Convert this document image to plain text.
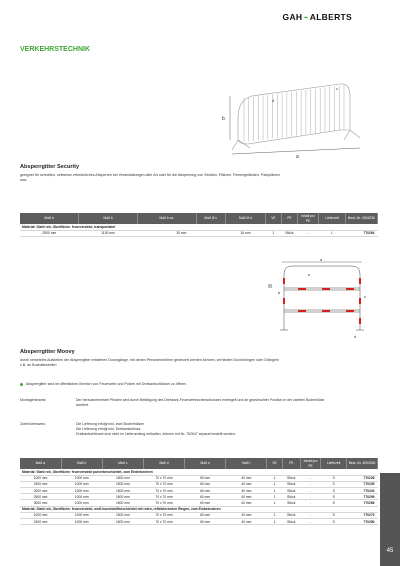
GAH⌁ALBERTS
VERKEHRSTECHNIK
a
b
c
d
Absperrgitter Security
geeignet für schnelles, zeitweise erforderliches Absperren bei Veranstaltungen aller Art oder für die Absperrung von Straßen, Plätzen, Firmengeländen, Parkplätzen usw.
Maß a	Maß b	Maß b ca.	Maß Ø c	Maß Ø d	VE	PE	Inhalt pro PE	Lieferzeit	Best.-Nr. 4004336
Material: Stahl roh, Oberfläche: feuerverzinkt, transportabel									
2500 mm	1100 mm	30 mm		16 mm	1	Stück	-	L	770264
a
b
c
d
e
Absperrgitter Moovy
durch versetztes Aufstellen der Absperrgitter entstehen Durchgänge, mit denen Personenströme gesteuert werden können, verhindert Durchdringen oder Drängeln z.B. an Bushaltestellen
Absperrgitter sind im öffentlichen Bereich von Feuerwehr und Polizei mit Dreikantschlüssel zu öffnen.
Montagehinweis:	Der herausnehmbare Pfosten wird durch Betätigung des Drehkant-Feuerwehrsicherschlosses entriegelt und an gewünschter Position in der zweiten Bodenhülse arretiert.
Zubehörhinweis:	Die Lieferung erfolgt inkl. zwei Bodenhülsen
Die Lieferung erfolgt inkl. Dreikantschloss
Dreikantschlüssel sind nicht im Lieferumfang enthalten, können mit Nr. 752647 separat bestellt werden.
Maß a	Maß b	Maß c	Maß d	Maß e	Maß f	VE	PE	Inhalt pro PE	Lieferzeit	Best.-Nr. 4004336
Material: Stahl roh, Oberfläche: feuerverzinkt pulverbeschichtet, zum Einbetonieren										
1000 mm	1000 mm	1500 mm	70 x 70 mm	60 mm	40 mm	1	Stück	-	S	770228
1500 mm	1000 mm	1500 mm	70 x 70 mm	60 mm	40 mm	1	Stück	-	S	770235
2000 mm	1000 mm	1500 mm	70 x 70 mm	60 mm	40 mm	1	Stück	-	S	770242
2500 mm	1000 mm	1500 mm	70 x 70 mm	60 mm	40 mm	1	Stück	-	S	770259
3000 mm	1000 mm	1500 mm	70 x 70 mm	60 mm	40 mm	1	Stück	-	S	770266
Material: Stahl roh, Oberfläche: feuerverzinkt, weiß kunststoffbeschichtet mit roten, reflektierenden Ringen, zum Einbetonieren										
1000 mm	1000 mm	1500 mm	70 x 70 mm	60 mm	40 mm	1	Stück	-	S	770273
1500 mm	1000 mm	1500 mm	70 x 70 mm	60 mm	40 mm	1	Stück	-	S	770280
45
